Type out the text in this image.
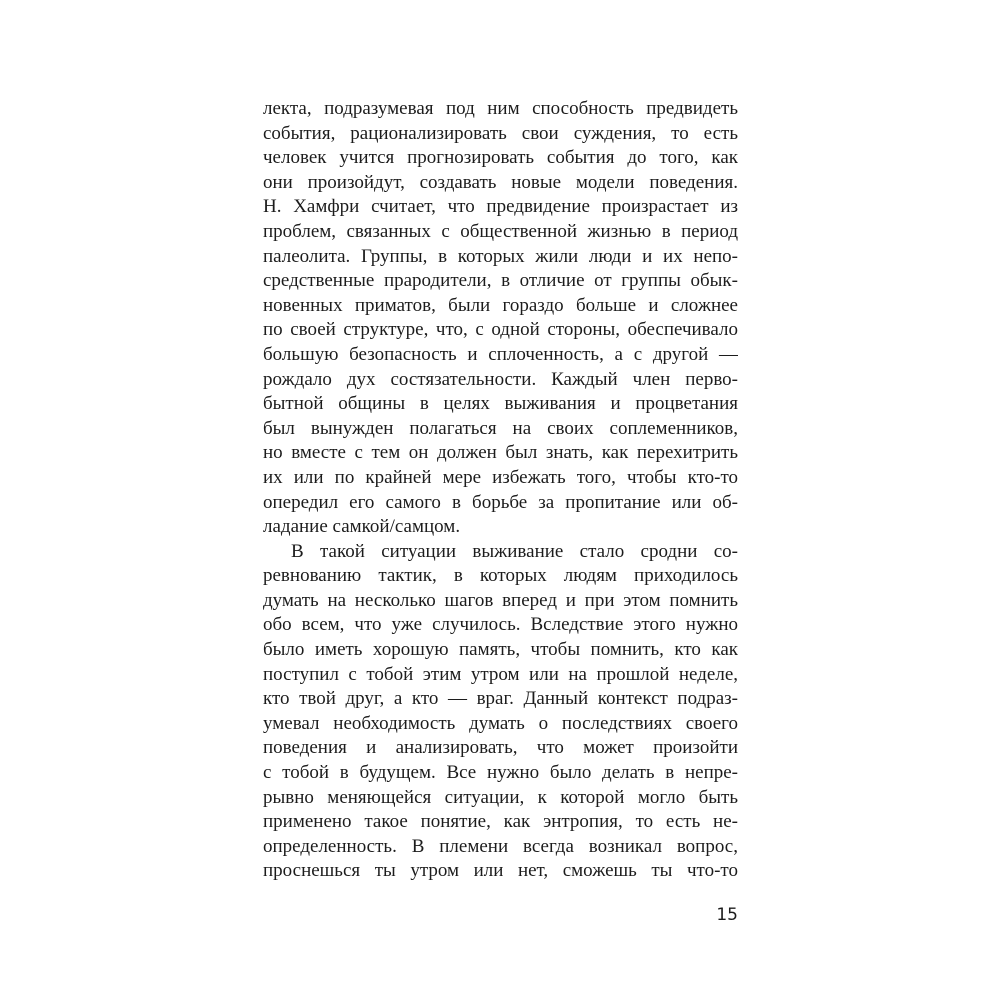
лекта, подразумевая под ним способность предвидеть
события, рационализировать свои суждения, то есть
человек учится прогнозировать события до того, как
они произойдут, создавать новые модели поведения.
Н. Хамфри считает, что предвидение произрастает из
проблем, связанных с общественной жизнью в период
палеолита. Группы, в которых жили люди и их непо-
средственные прародители, в отличие от группы обык-
новенных приматов, были гораздо больше и сложнее
по своей структуре, что, с одной стороны, обеспечивало
большую безопасность и сплоченность, а с другой —
рождало дух состязательности. Каждый член перво-
бытной общины в целях выживания и процветания
был вынужден полагаться на своих соплеменников,
но вместе с тем он должен был знать, как перехитрить
их или по крайней мере избежать того, чтобы кто-то
опередил его самого в борьбе за пропитание или об-
ладание самкой/самцом.
В такой ситуации выживание стало сродни со-
ревнованию тактик, в которых людям приходилось
думать на несколько шагов вперед и при этом помнить
обо всем, что уже случилось. Вследствие этого нужно
было иметь хорошую память, чтобы помнить, кто как
поступил с тобой этим утром или на прошлой неделе,
кто твой друг, а кто — враг. Данный контекст подраз-
умевал необходимость думать о последствиях своего
поведения и анализировать, что может произойти
с тобой в будущем. Все нужно было делать в непре-
рывно меняющейся ситуации, к которой могло быть
применено такое понятие, как энтропия, то есть не-
определенность. В племени всегда возникал вопрос,
проснешься ты утром или нет, сможешь ты что-то
15
